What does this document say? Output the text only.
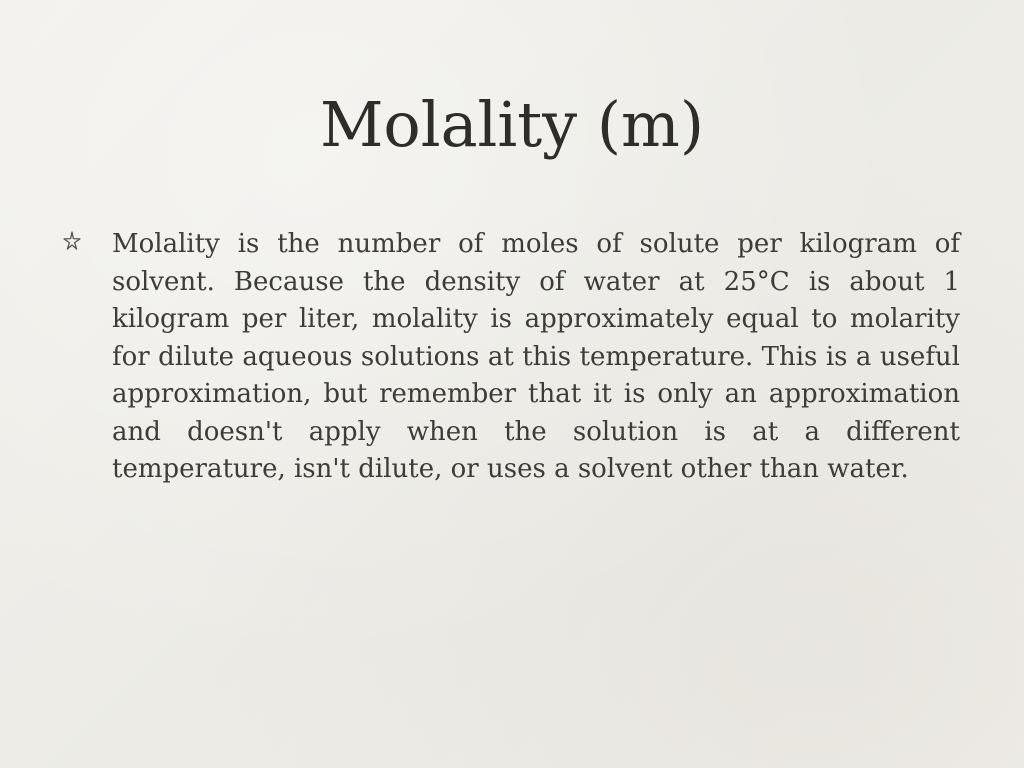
Molality (m)

Molality is the number of moles of solute per kilogram of solvent. Because the density of water at 25°C is about 1 kilogram per liter, molality is approximately equal to molarity for dilute aqueous solutions at this temperature. This is a useful approximation, but remember that it is only an approximation and doesn't apply when the solution is at a different temperature, isn't dilute, or uses a solvent other than water.
